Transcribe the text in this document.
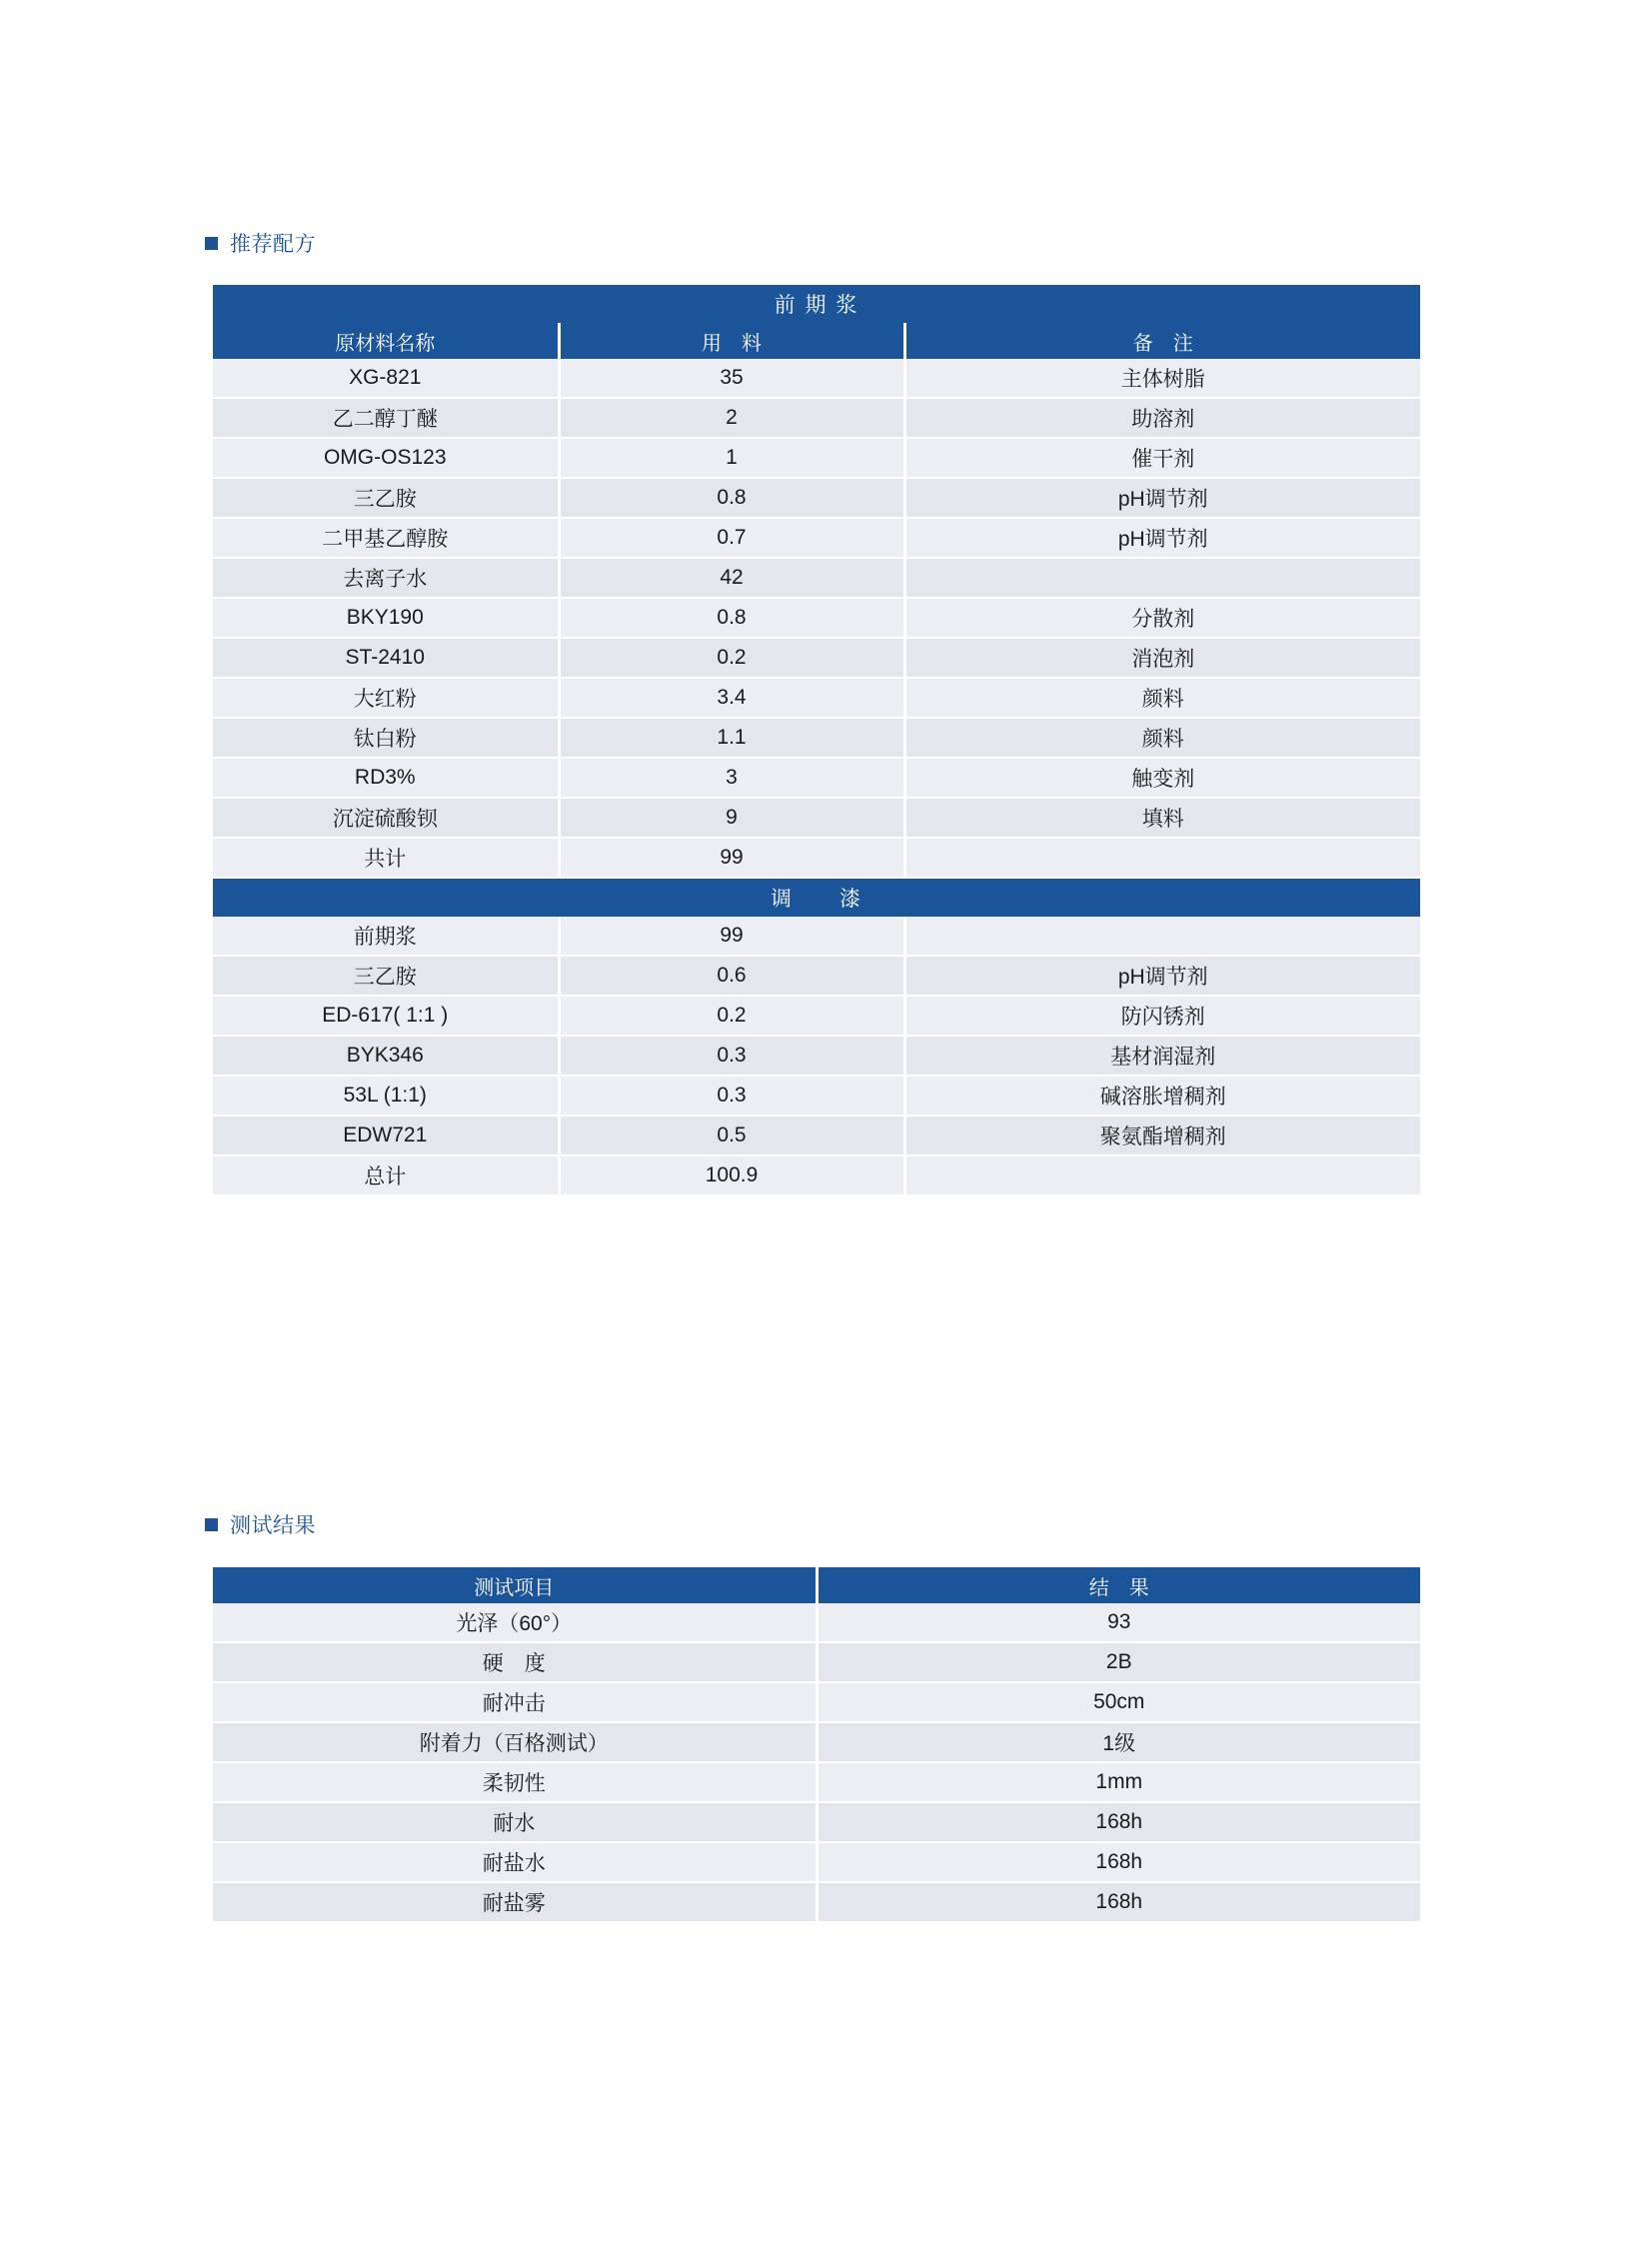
推荐配方
前 期 浆		
原材料名称	用　料	备　注
XG-821	35	主体树脂
乙二醇丁醚	2	助溶剂
OMG-OS123	1	催干剂
三乙胺	0.8	pH调节剂
二甲基乙醇胺	0.7	pH调节剂
去离子水	42	
BKY190	0.8	分散剂
ST-2410	0.2	消泡剂
大红粉	3.4	颜料
钛白粉	1.1	颜料
RD3%	3	触变剂
沉淀硫酸钡	9	填料
共计	99	
调　　漆		
前期浆	99	
三乙胺	0.6	pH调节剂
ED-617( 1:1 )	0.2	防闪锈剂
BYK346	0.3	基材润湿剂
53L (1:1)	0.3	碱溶胀增稠剂
EDW721	0.5	聚氨酯增稠剂
总计	100.9	
测试结果
测试项目	结　果
光泽（60°）	93
硬　度	2B
耐冲击	50cm
附着力（百格测试）	1级
柔韧性	1mm
耐水	168h
耐盐水	168h
耐盐雾	168h
